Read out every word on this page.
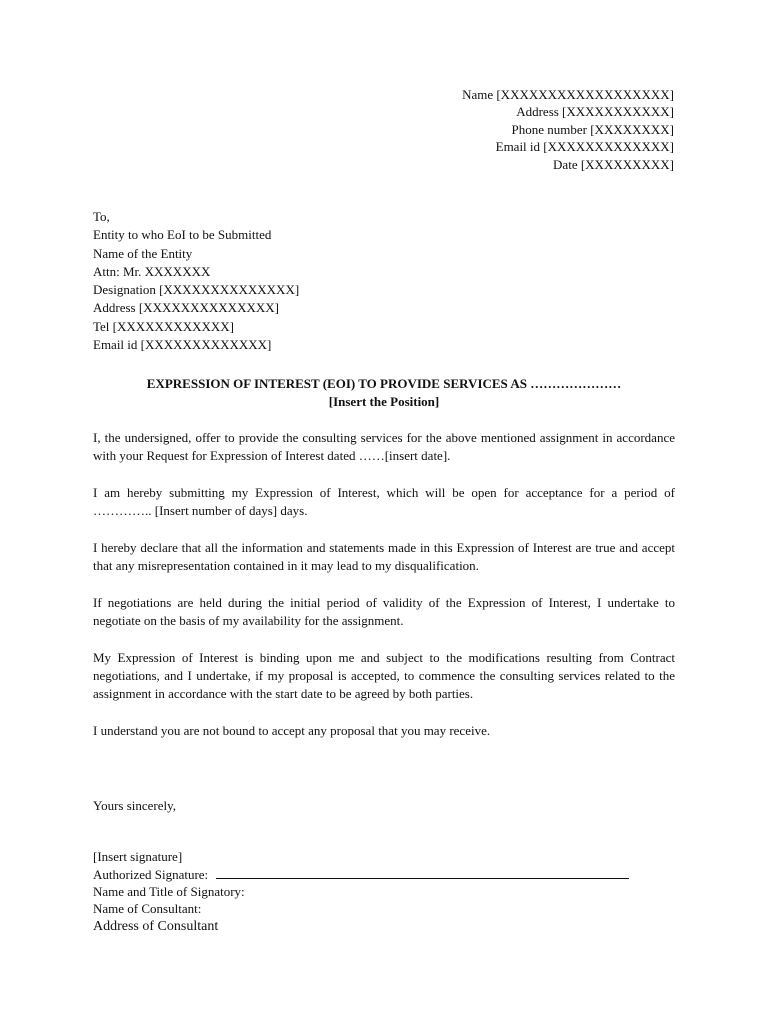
Name [XXXXXXXXXXXXXXXXXX]
Address [XXXXXXXXXXX]
Phone number [XXXXXXXX]
Email id [XXXXXXXXXXXXX]
Date [XXXXXXXXX]
To,
Entity to who EoI to be Submitted
Name of the Entity
Attn: Mr. XXXXXXX
Designation [XXXXXXXXXXXXXX]
Address [XXXXXXXXXXXXXX]
Tel [XXXXXXXXXXXX]
Email id [XXXXXXXXXXXXX]
EXPRESSION OF INTEREST (EOI) TO PROVIDE SERVICES AS …………………
[Insert the Position]

I, the undersigned, offer to provide the consulting services for the above mentioned assignment in accordance with your Request for Expression of Interest dated ……[insert date].

I am hereby submitting my Expression of Interest, which will be open for acceptance for a period of ………….. [Insert number of days] days.

I hereby declare that all the information and statements made in this Expression of Interest are true and accept that any misrepresentation contained in it may lead to my disqualification.

If negotiations are held during the initial period of validity of the Expression of Interest, I undertake to negotiate on the basis of my availability for the assignment.

My Expression of Interest is binding upon me and subject to the modifications resulting from Contract negotiations, and I undertake, if my proposal is accepted, to commence the consulting services related to the assignment in accordance with the start date to be agreed by both parties.

I understand you are not bound to accept any proposal that you may receive.

Yours sincerely,
[Insert signature]
Authorized Signature:
Name and Title of Signatory:
Name of Consultant:
Address of Consultant
